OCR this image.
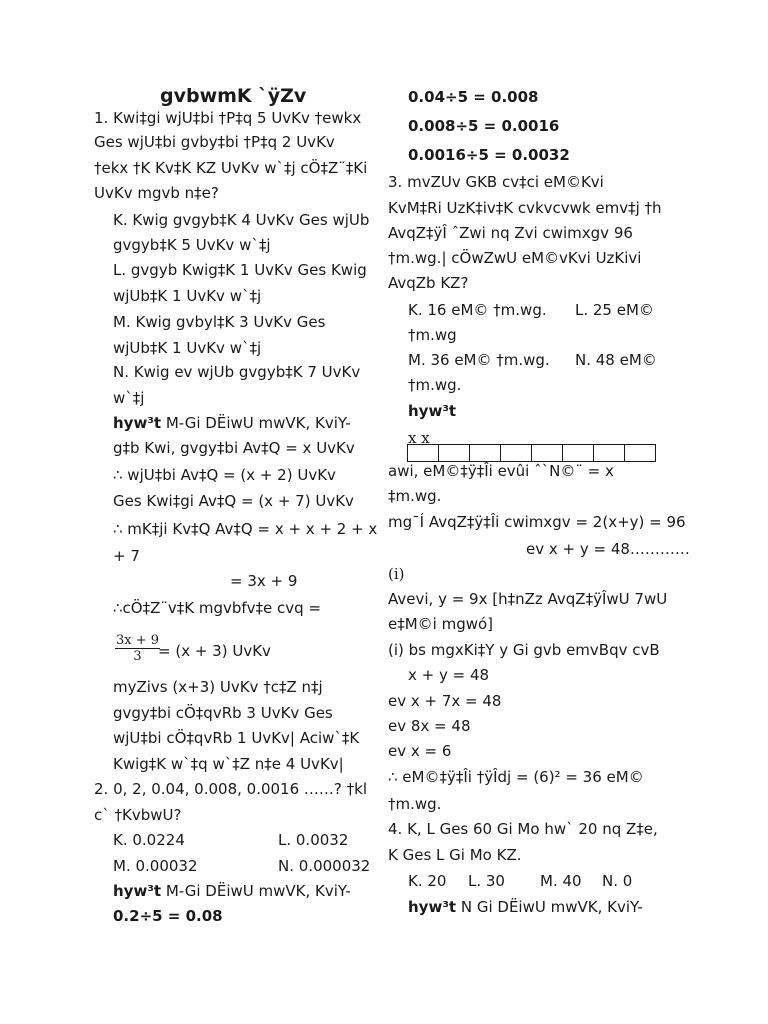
gvbwmK `ÿZv
1. Kwi‡gi wjU‡bi †P‡q 5 UvKv †ewkx
Ges wjU‡bi gvby‡bi †P‡q 2 UvKv
†ekx †K Kv‡K KZ UvKv w`‡j cÖ‡Z¨‡Ki
UvKv mgvb n‡e?
K. Kwig gvgyb‡K 4 UvKv Ges wjUb
gvgyb‡K 5 UvKv w`‡j
L. gvgyb Kwig‡K 1 UvKv Ges Kwig
wjUb‡K 1 UvKv w`‡j
M. Kwig gvbyl‡K 3 UvKv Ges
wjUb‡K 1 UvKv w`‡j
N. Kwig ev wjUb gvgyb‡K 7 UvKv
w`‡j
hyw³t M-Gi DËiwU mwVK, KviY-
g‡b Kwi, gvgy‡bi Av‡Q = x UvKv
∴ wjU‡bi Av‡Q = (x + 2) UvKv
Ges Kwi‡gi Av‡Q = (x + 7) UvKv
∴ mK‡ji Kv‡Q Av‡Q = x + x + 2 + x
+ 7
= 3x + 9
∴cÖ‡Z¨v‡K mgvbfv‡e cvq =
$\frac{3x + 9}{3}$
= (x + 3) UvKv
myZivs (x+3) UvKv †c‡Z n‡j
gvgy‡bi cÖ‡qvRb 3 UvKv Ges
wjU‡bi cÖ‡qvRb 1 UvKv| Aciw`‡K
Kwig‡K w`‡q w`‡Z n‡e 4 UvKv|
2. 0, 2, 0.04, 0.008, 0.0016 ……? †kl
c` †KvbwU?
K. 0.0224	L. 0.0032
M. 0.00032	N. 0.000032
hyw³t M-Gi DËiwU mwVK, KviY-
0.2÷5 = 0.08
0.04÷5 = 0.008
0.008÷5 = 0.0016
0.0016÷5 = 0.0032
3. mvZUv GKB cv‡ci eM©Kvi
KvM‡Ri UzK‡iv‡K cvkvcvwk emv‡j †h
AvqZ‡ÿÎ ˆZwi nq Zvi cwimxgv 96
†m.wg.| cÖwZwU eM©vKvi UzKivi
AvqZb KZ?
K. 16 eM© †m.wg. L. 25 eM©
†m.wg
M. 36 eM© †m.wg. N. 48 eM©
†m.wg.
hyw³t
x x
awi, eM©‡ÿ‡Îi evûi ˆ`N©¨ = x
‡m.wg.
mg¯Í AvqZ‡ÿ‡Îi cwimxgv = 2(x+y) = 96
ev x + y = 48…………
(i)
Avevi, y = 9x [h‡nZz AvqZ‡ÿÎwU 7wU
e‡M©i mgwó]
(i) bs mgxKi‡Y y Gi gvb emvBqv cvB
x + y = 48
ev x + 7x = 48
ev 8x = 48
ev x = 6
∴ eM©‡ÿ‡Îi †ÿÎdj = (6)² = 36 eM©
†m.wg.
4. K, L Ges 60 Gi Mo hw` 20 nq Z‡e,
K Ges L Gi Mo KZ.
K. 20 L. 30 M. 40 N. 0
hyw³t N Gi DËiwU mwVK, KviY-
